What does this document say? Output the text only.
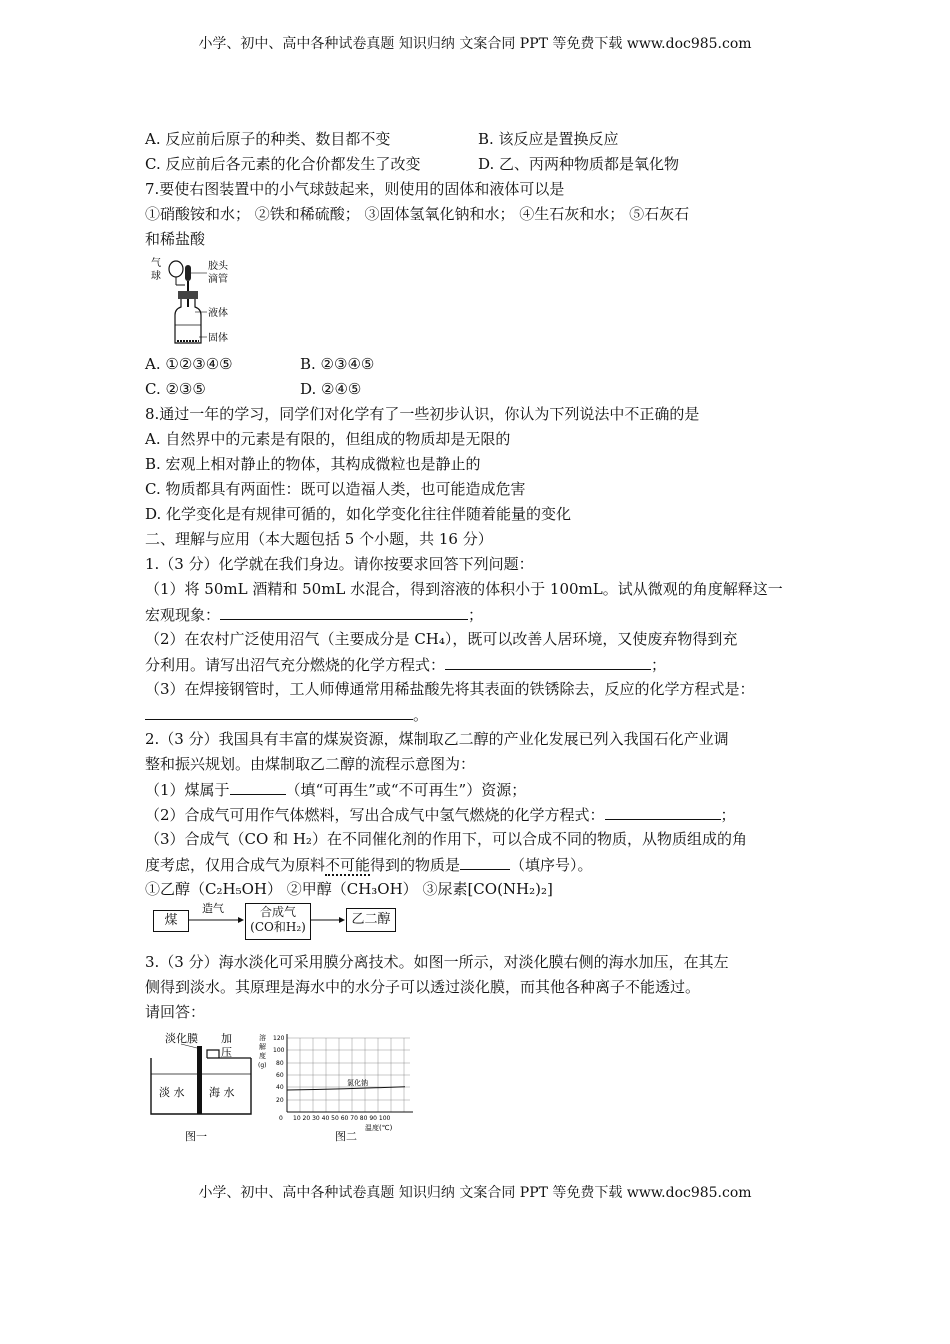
小学、初中、高中各种试卷真题 知识归纳 文案合同 PPT 等免费下载 www.doc985.com
A. 反应前后原子的种类、数目都不变	B. 该反应是置换反应
C. 反应前后各元素的化合价都发生了改变	D. 乙、丙两种物质都是氧化物
7.要使右图装置中的小气球鼓起来，则使用的固体和液体可以是
①硝酸铵和水； ②铁和稀硫酸； ③固体氢氧化钠和水； ④生石灰和水； ⑤石灰石
和稀盐酸
气
球
胶头
滴管
液体
固体
A. ①②③④⑤	B. ②③④⑤
C. ②③⑤	D. ②④⑤
8.通过一年的学习，同学们对化学有了一些初步认识，你认为下列说法中不正确的是
A. 自然界中的元素是有限的，但组成的物质却是无限的
B. 宏观上相对静止的物体，其构成微粒也是静止的
C. 物质都具有两面性：既可以造福人类，也可能造成危害
D. 化学变化是有规律可循的，如化学变化往往伴随着能量的变化
二、理解与应用（本大题包括 5 个小题，共 16 分）
1.（3 分）化学就在我们身边。请你按要求回答下列问题：
（1）将 50mL 酒精和 50mL 水混合，得到溶液的体积小于 100mL。试从微观的角度解释这一
宏观现象：	；
（2）在农村广泛使用沼气（主要成分是 CH₄），既可以改善人居环境，又使废弃物得到充
分利用。请写出沼气充分燃烧的化学方程式：	；
（3）在焊接钢管时，工人师傅通常用稀盐酸先将其表面的铁锈除去，反应的化学方程式是：
。
2.（3 分）我国具有丰富的煤炭资源，煤制取乙二醇的产业化发展已列入我国石化产业调
整和振兴规划。由煤制取乙二醇的流程示意图为：
（1）煤属于	（填“可再生”或“不可再生”）资源；
（2）合成气可用作气体燃料，写出合成气中氢气燃烧的化学方程式：	；
（3）合成气（CO 和 H₂）在不同催化剂的作用下，可以合成不同的物质，从物质组成的角
度考虑，仅用合成气为原料不可能得到的物质是	（填序号）。
①乙醇（C₂H₅OH） ②甲醇（CH₃OH） ③尿素[CO(NH₂)₂]
煤
造气	合成气
(CO和H₂)	乙二醇
3.（3 分）海水淡化可采用膜分离技术。如图一所示，对淡化膜右侧的海水加压，在其左
侧得到淡水。其原理是海水中的水分子可以透过淡化膜，而其他各种离子不能透过。
请回答：
淡化膜 加
压
淡 水 海 水
图一
溶
解
度
(g)
氯化钠
120
100
80
60
40
20
0 10 20 30 40 50 60 70 80 90 100
温度(℃)
图二
小学、初中、高中各种试卷真题 知识归纳 文案合同 PPT 等免费下载 www.doc985.com
